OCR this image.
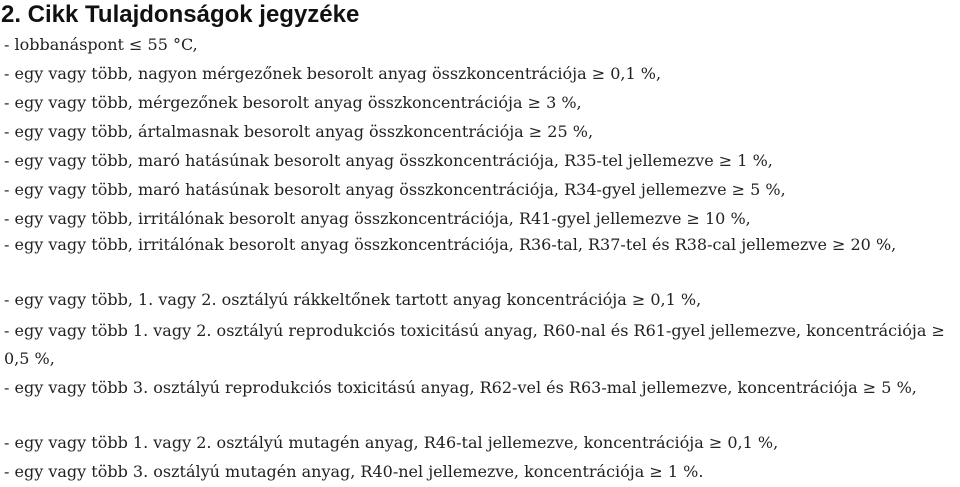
2. Cikk Tulajdonságok jegyzéke

- lobbanáspont ≤ 55 °C,

- egy vagy több, nagyon mérgezőnek besorolt anyag összkoncentrációja ≥ 0,1 %,

- egy vagy több, mérgezőnek besorolt anyag összkoncentrációja ≥ 3 %,

- egy vagy több, ártalmasnak besorolt anyag összkoncentrációja ≥ 25 %,

- egy vagy több, maró hatásúnak besorolt anyag összkoncentrációja, R35-tel jellemezve ≥ 1 %,

- egy vagy több, maró hatásúnak besorolt anyag összkoncentrációja, R34-gyel jellemezve ≥ 5 %,

- egy vagy több, irritálónak besorolt anyag összkoncentrációja, R41-gyel jellemezve ≥ 10 %,

- egy vagy több, irritálónak besorolt anyag összkoncentrációja, R36-tal, R37-tel és R38-cal jellemezve ≥ 20 %,

- egy vagy több, 1. vagy 2. osztályú rákkeltőnek tartott anyag koncentrációja ≥ 0,1 %,

- egy vagy több 1. vagy 2. osztályú reprodukciós toxicitású anyag, R60-nal és R61-gyel jellemezve, koncentrációja ≥ 0,5 %,

- egy vagy több 3. osztályú reprodukciós toxicitású anyag, R62-vel és R63-mal jellemezve, koncentrációja ≥ 5 %,

- egy vagy több 1. vagy 2. osztályú mutagén anyag, R46-tal jellemezve, koncentrációja ≥ 0,1 %,

- egy vagy több 3. osztályú mutagén anyag, R40-nel jellemezve, koncentrációja ≥ 1 %.
